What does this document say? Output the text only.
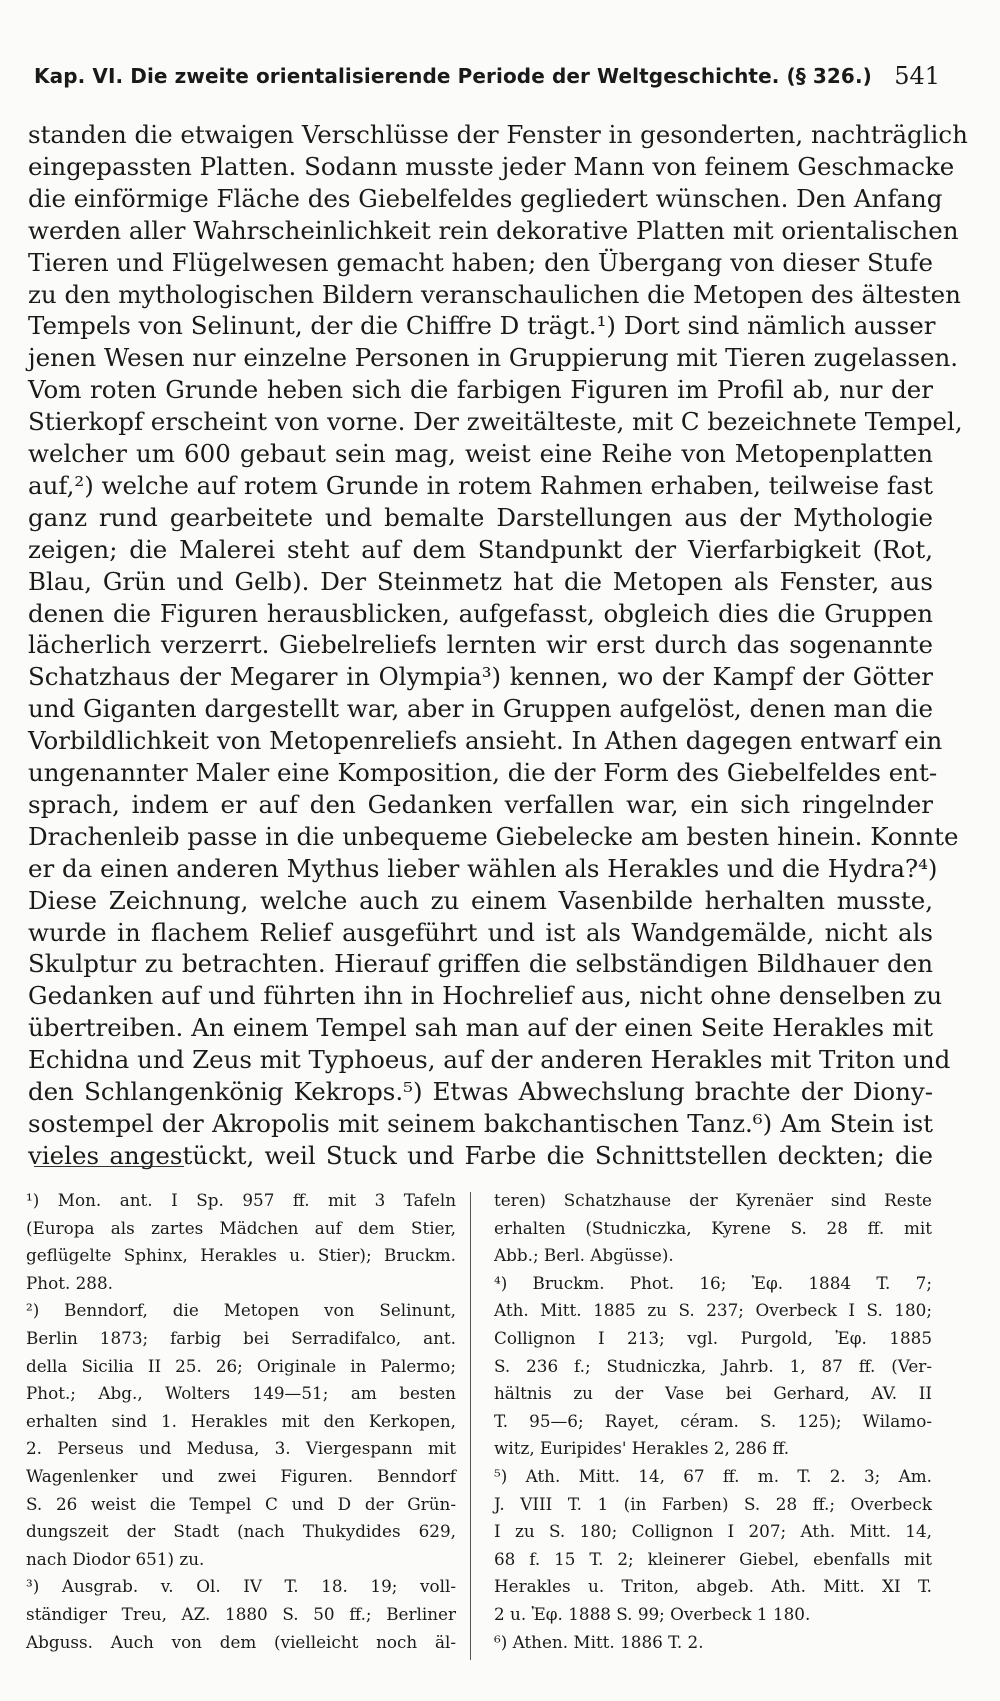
Kap. VI. Die zweite orientalisierende Periode der Weltgeschichte. (§ 326.) 541
standen die etwaigen Verschlüsse der Fenster in gesonderten, nachträglich
eingepassten Platten. Sodann musste jeder Mann von feinem Geschmacke
die einförmige Fläche des Giebelfeldes gegliedert wünschen. Den Anfang
werden aller Wahrscheinlichkeit rein dekorative Platten mit orientalischen
Tieren und Flügelwesen gemacht haben; den Übergang von dieser Stufe
zu den mythologischen Bildern veranschaulichen die Metopen des ältesten
Tempels von Selinunt, der die Chiffre D trägt.¹) Dort sind nämlich ausser
jenen Wesen nur einzelne Personen in Gruppierung mit Tieren zugelassen.
Vom roten Grunde heben sich die farbigen Figuren im Profil ab, nur der
Stierkopf erscheint von vorne. Der zweitälteste, mit C bezeichnete Tempel,
welcher um 600 gebaut sein mag, weist eine Reihe von Metopenplatten
auf,²) welche auf rotem Grunde in rotem Rahmen erhaben, teilweise fast
ganz rund gearbeitete und bemalte Darstellungen aus der Mythologie
zeigen; die Malerei steht auf dem Standpunkt der Vierfarbigkeit (Rot,
Blau, Grün und Gelb). Der Steinmetz hat die Metopen als Fenster, aus
denen die Figuren herausblicken, aufgefasst, obgleich dies die Gruppen
lächerlich verzerrt. Giebelreliefs lernten wir erst durch das sogenannte
Schatzhaus der Megarer in Olympia³) kennen, wo der Kampf der Götter
und Giganten dargestellt war, aber in Gruppen aufgelöst, denen man die
Vorbildlichkeit von Metopenreliefs ansieht. In Athen dagegen entwarf ein
ungenannter Maler eine Komposition, die der Form des Giebelfeldes ent-
sprach, indem er auf den Gedanken verfallen war, ein sich ringelnder
Drachenleib passe in die unbequeme Giebelecke am besten hinein. Konnte
er da einen anderen Mythus lieber wählen als Herakles und die Hydra?⁴)
Diese Zeichnung, welche auch zu einem Vasenbilde herhalten musste,
wurde in flachem Relief ausgeführt und ist als Wandgemälde, nicht als
Skulptur zu betrachten. Hierauf griffen die selbständigen Bildhauer den
Gedanken auf und führten ihn in Hochrelief aus, nicht ohne denselben zu
übertreiben. An einem Tempel sah man auf der einen Seite Herakles mit
Echidna und Zeus mit Typhoeus, auf der anderen Herakles mit Triton und
den Schlangenkönig Kekrops.⁵) Etwas Abwechslung brachte der Diony-
sostempel der Akropolis mit seinem bakchantischen Tanz.⁶) Am Stein ist
vieles angestückt, weil Stuck und Farbe die Schnittstellen deckten; die
¹) Mon. ant. I Sp. 957 ff. mit 3 Tafeln
(Europa als zartes Mädchen auf dem Stier,
geflügelte Sphinx, Herakles u. Stier); Bruckm.
Phot. 288.
²) Benndorf, die Metopen von Selinunt,
Berlin 1873; farbig bei Serradifalco, ant.
della Sicilia II 25. 26; Originale in Palermo;
Phot.; Abg., Wolters 149—51; am besten
erhalten sind 1. Herakles mit den Kerkopen,
2. Perseus und Medusa, 3. Viergespann mit
Wagenlenker und zwei Figuren. Benndorf
S. 26 weist die Tempel C und D der Grün-
dungszeit der Stadt (nach Thukydides 629,
nach Diodor 651) zu.
³) Ausgrab. v. Ol. IV T. 18. 19; voll-
ständiger Treu, AZ. 1880 S. 50 ff.; Berliner
Abguss. Auch von dem (vielleicht noch äl-
teren) Schatzhause der Kyrenäer sind Reste
erhalten (Studniczka, Kyrene S. 28 ff. mit
Abb.; Berl. Abgüsse).
⁴) Bruckm. Phot. 16; Ἐφ. 1884 T. 7;
Ath. Mitt. 1885 zu S. 237; Overbeck I S. 180;
Collignon I 213; vgl. Purgold, Ἐφ. 1885
S. 236 f.; Studniczka, Jahrb. 1, 87 ff. (Ver-
hältnis zu der Vase bei Gerhard, AV. II
T. 95—6; Rayet, céram. S. 125); Wilamo-
witz, Euripides' Herakles 2, 286 ff.
⁵) Ath. Mitt. 14, 67 ff. m. T. 2. 3; Am.
J. VIII T. 1 (in Farben) S. 28 ff.; Overbeck
I zu S. 180; Collignon I 207; Ath. Mitt. 14,
68 f. 15 T. 2; kleinerer Giebel, ebenfalls mit
Herakles u. Triton, abgeb. Ath. Mitt. XI T.
2 u. Ἐφ. 1888 S. 99; Overbeck 1 180.
⁶) Athen. Mitt. 1886 T. 2.
